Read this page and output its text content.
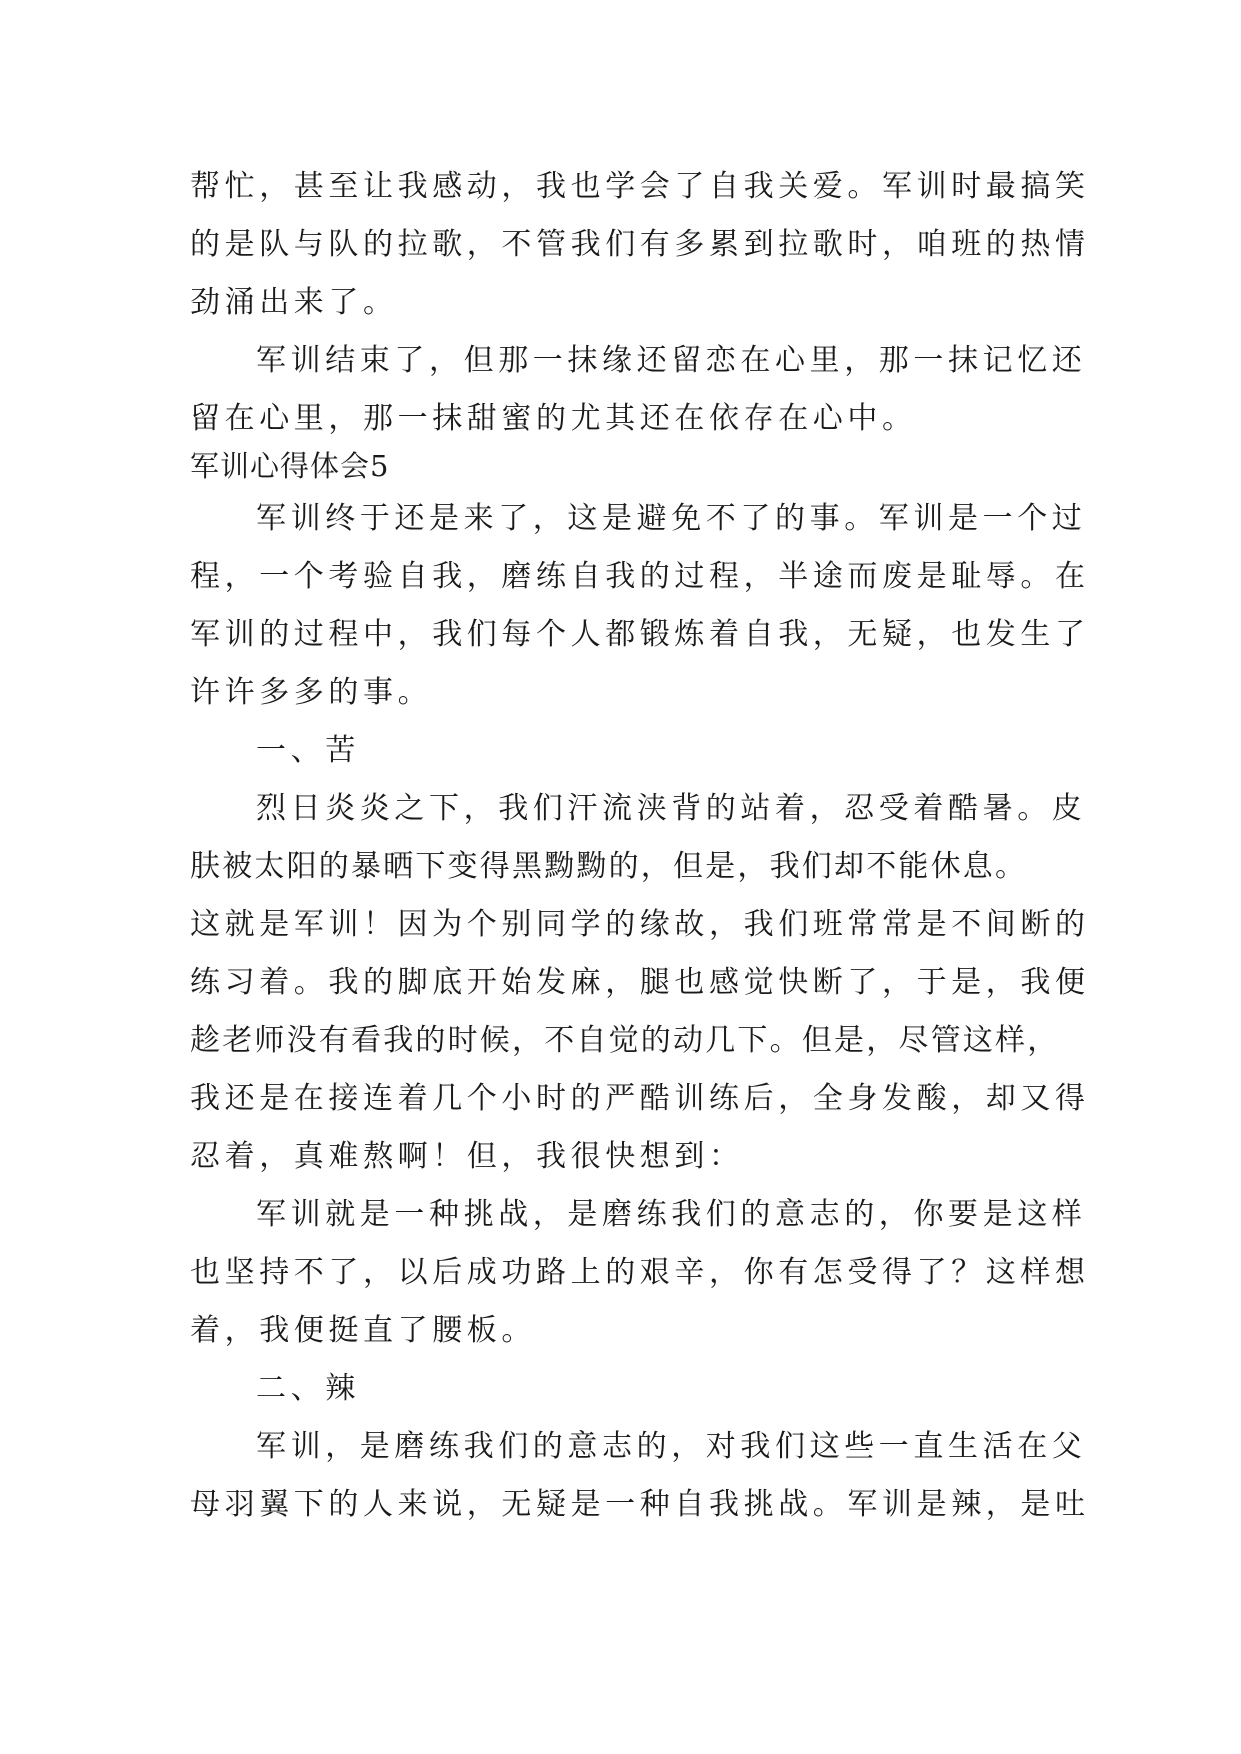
帮忙，甚至让我感动，我也学会了自我关爱。军训时最搞笑
的是队与队的拉歌，不管我们有多累到拉歌时，咱班的热情
劲涌出来了。
军训结束了，但那一抹缘还留恋在心里，那一抹记忆还
留在心里，那一抹甜蜜的尤其还在依存在心中。
军训心得体会5
军训终于还是来了，这是避免不了的事。军训是一个过
程，一个考验自我，磨练自我的过程，半途而废是耻辱。在
军训的过程中，我们每个人都锻炼着自我，无疑，也发生了
许许多多的事。
一、苦
烈日炎炎之下，我们汗流浃背的站着，忍受着酷暑。皮
肤被太阳的暴晒下变得黑黝黝的，但是，我们却不能休息。
这就是军训！因为个别同学的缘故，我们班常常是不间断的
练习着。我的脚底开始发麻，腿也感觉快断了，于是，我便
趁老师没有看我的时候，不自觉的动几下。但是，尽管这样，
我还是在接连着几个小时的严酷训练后，全身发酸，却又得
忍着，真难熬啊！但，我很快想到：
军训就是一种挑战，是磨练我们的意志的，你要是这样
也坚持不了，以后成功路上的艰辛，你有怎受得了？这样想
着，我便挺直了腰板。
二、辣
军训，是磨练我们的意志的，对我们这些一直生活在父
母羽翼下的人来说，无疑是一种自我挑战。军训是辣，是吐
